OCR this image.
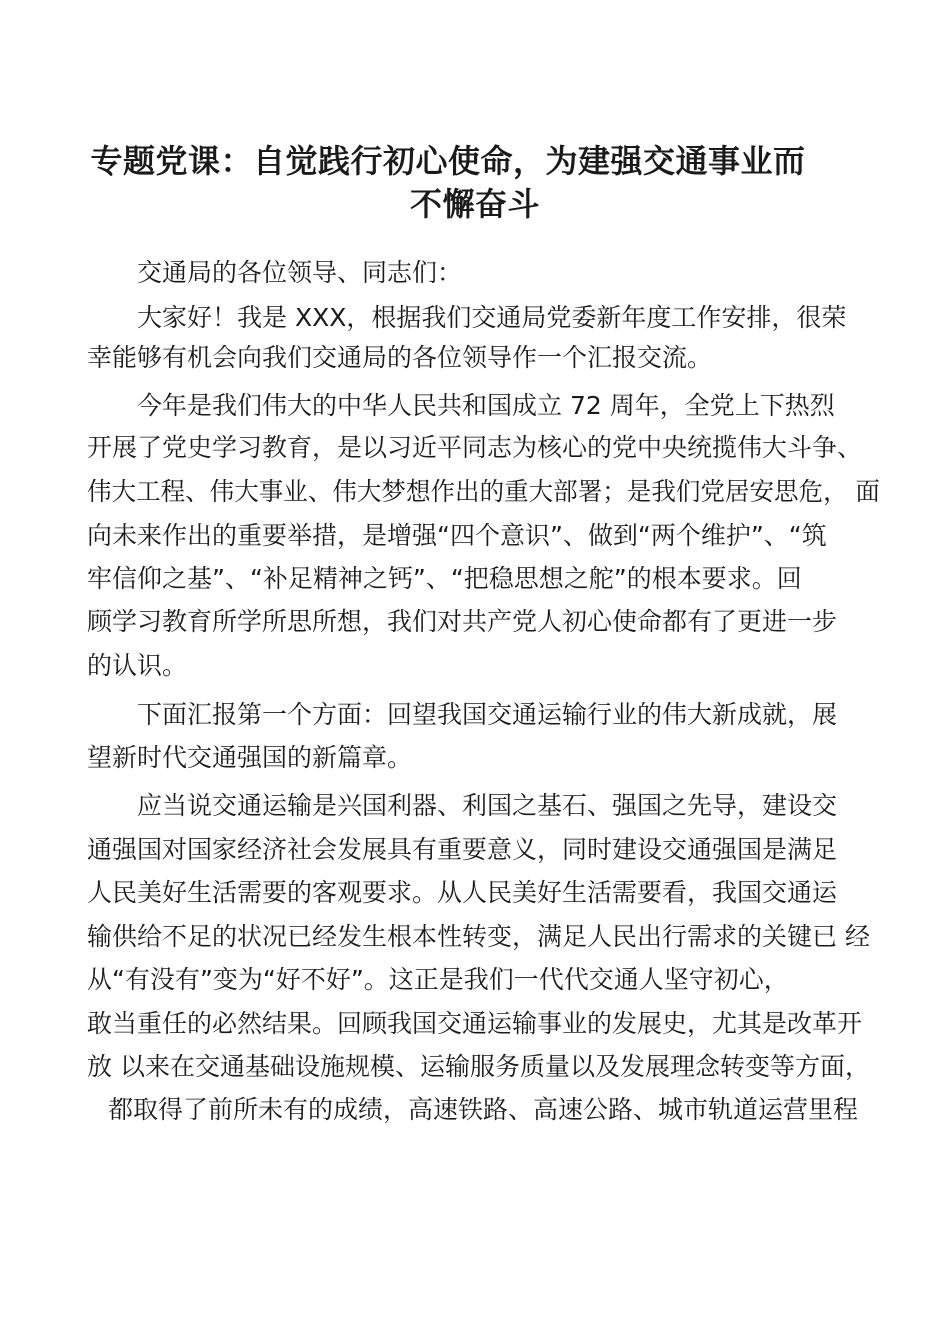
专题党课：自觉践行初心使命，为建强交通事业而
不懈奋斗
交通局的各位领导、同志们：
大家好！我是 XXX，根据我们交通局党委新年度工作安排，很荣
幸能够有机会向我们交通局的各位领导作一个汇报交流。
今年是我们伟大的中华人民共和国成立 72 周年，全党上下热烈
开展了党史学习教育，是以习近平同志为核心的党中央统揽伟大斗争、
伟大工程、伟大事业、伟大梦想作出的重大部署；是我们党居安思危， 面
向未来作出的重要举措，是增强“四个意识”、做到“两个维护”、“筑
牢信仰之基”、“补足精神之钙”、“把稳思想之舵”的根本要求。回
顾学习教育所学所思所想，我们对共产党人初心使命都有了更进一步
的认识。
下面汇报第一个方面：回望我国交通运输行业的伟大新成就，展
望新时代交通强国的新篇章。
应当说交通运输是兴国利器、利国之基石、强国之先导，建设交
通强国对国家经济社会发展具有重要意义，同时建设交通强国是满足
人民美好生活需要的客观要求。从人民美好生活需要看，我国交通运
输供给不足的状况已经发生根本性转变，满足人民出行需求的关键已 经
从“有没有”变为“好不好”。这正是我们一代代交通人坚守初心，
敢当重任的必然结果。回顾我国交通运输事业的发展史，尤其是改革开
放 以来在交通基础设施规模、运输服务质量以及发展理念转变等方面，
都取得了前所未有的成绩，高速铁路、高速公路、城市轨道运营里程
